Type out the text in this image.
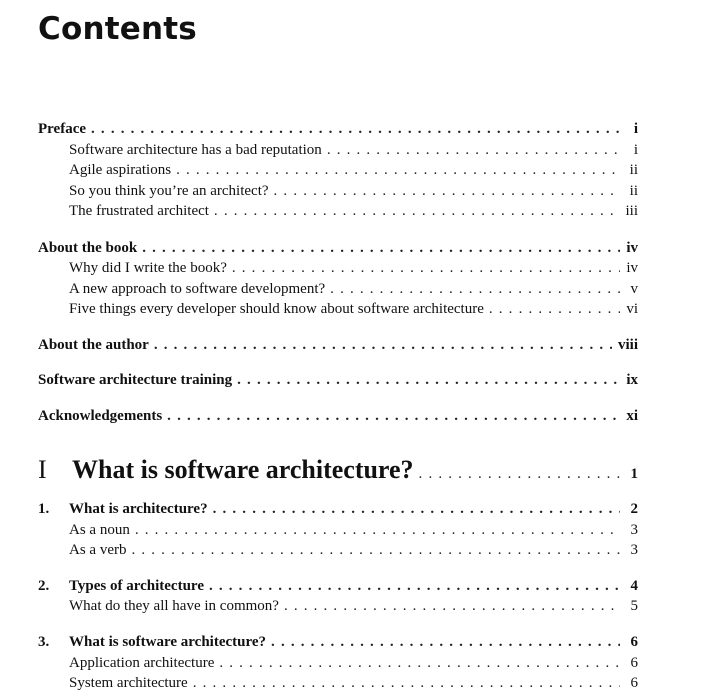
Contents
Preface . . .	i
Software architecture has a bad reputation . . .	i
Agile aspirations . . .	ii
So you think you’re an architect? . . .	ii
The frustrated architect . . .	iii
About the book . . .	iv
Why did I write the book? . . .	iv
A new approach to software development? . . .	v
Five things every developer should know about software architecture . . .	vi
About the author . . .	viii
Software architecture training . . .	ix
Acknowledgements . . .	xi
I What is software architecture? . . .	1
1.	What is architecture? . . .	2
As a noun . . .	3
As a verb . . .	3
2.	Types of architecture . . .	4
What do they all have in common? . . .	5
3.	What is software architecture? . . .	6
Application architecture . . .	6
System architecture . . .	6
